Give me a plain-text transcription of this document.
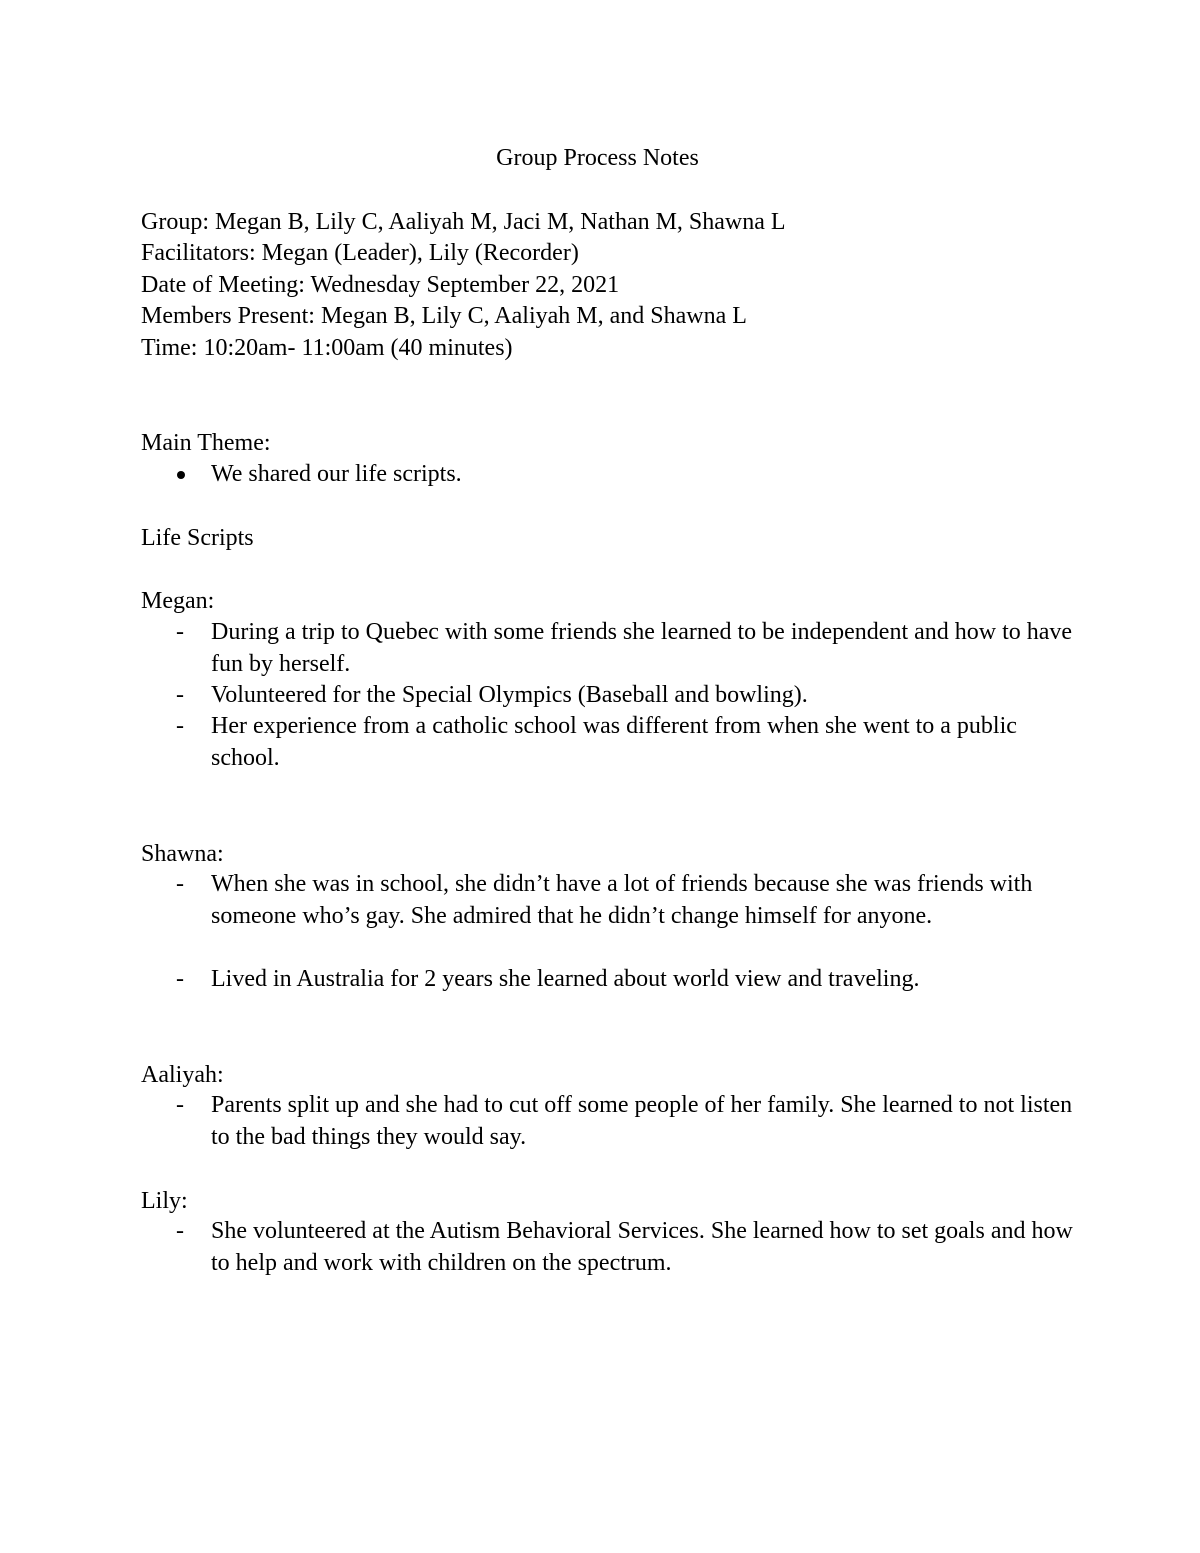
Group Process Notes
Group: Megan B, Lily C, Aaliyah M, Jaci M, Nathan M, Shawna L
Facilitators: Megan (Leader), Lily (Recorder)
Date of Meeting: Wednesday September 22, 2021
Members Present: Megan B, Lily C, Aaliyah M, and Shawna L
Time: 10:20am- 11:00am (40 minutes)
Main Theme:
We shared our life scripts.
Life Scripts
Megan:
- During a trip to Quebec with some friends she learned to be independent and how to have fun by herself.
- Volunteered for the Special Olympics (Baseball and bowling).
- Her experience from a catholic school was different from when she went to a public school.
Shawna:
- When she was in school, she didn’t have a lot of friends because she was friends with someone who’s gay. She admired that he didn’t change himself for anyone.
- Lived in Australia for 2 years she learned about world view and traveling.
Aaliyah:
- Parents split up and she had to cut off some people of her family. She learned to not listen to the bad things they would say.
Lily:
- She volunteered at the Autism Behavioral Services. She learned how to set goals and how to help and work with children on the spectrum.
